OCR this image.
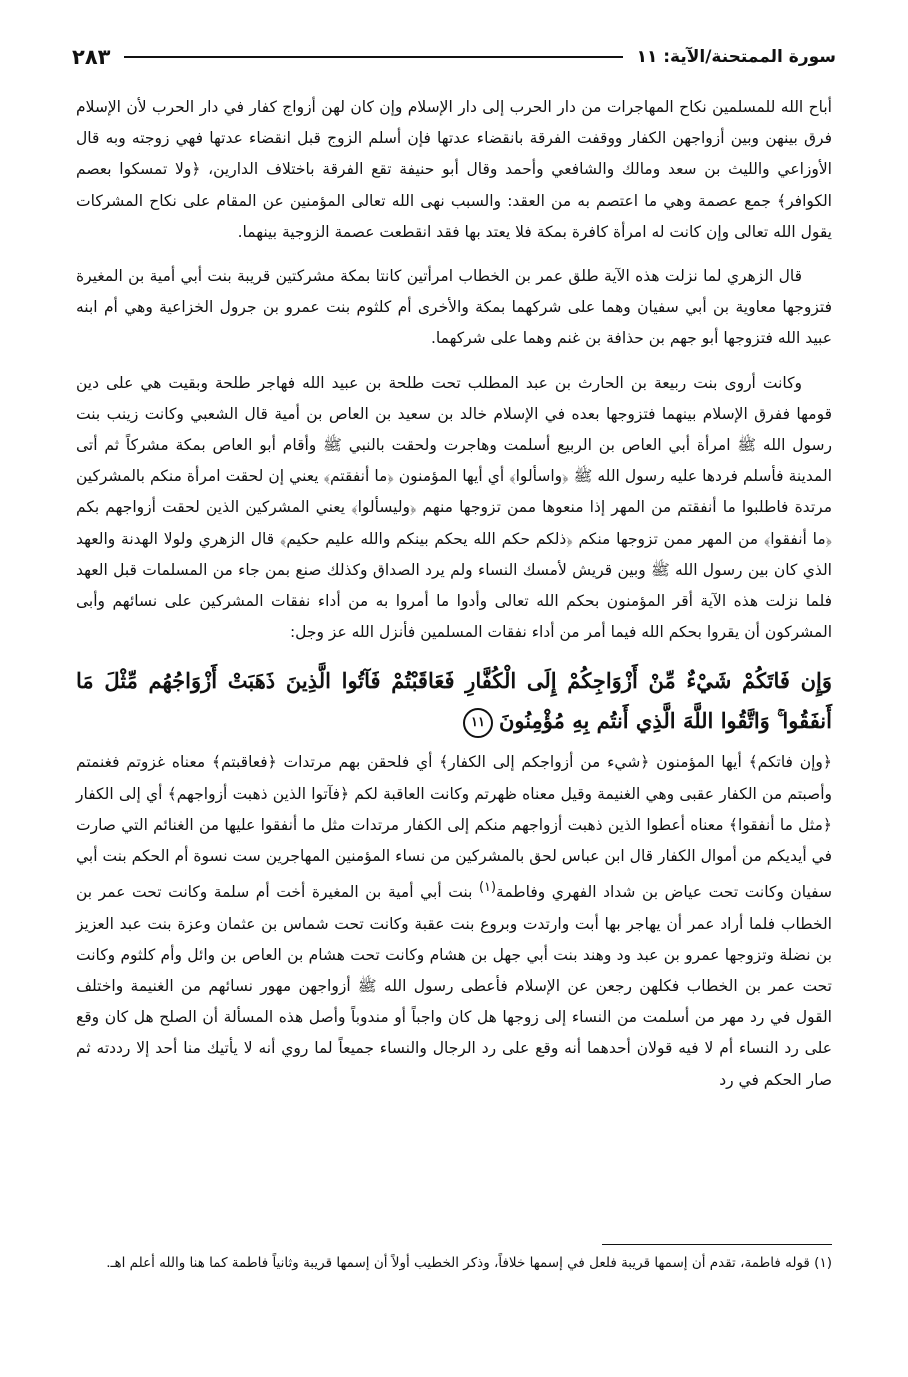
سورة الممتحنة/الآية: ١١
٢٨٣

أباح الله للمسلمين نكاح المهاجرات من دار الحرب إلى دار الإسلام وإن كان لهن أزواج كفار في دار الحرب لأن الإسلام فرق بينهن وبين أزواجهن الكفار ووقفت الفرقة بانقضاء عدتها فإن أسلم الزوج قبل انقضاء عدتها فهي زوجته وبه قال الأوزاعي والليث بن سعد ومالك والشافعي وأحمد وقال أبو حنيفة تقع الفرقة باختلاف الدارين، ﴿ولا تمسكوا بعصم الكوافر﴾ جمع عصمة وهي ما اعتصم به من العقد: والسبب نهى الله تعالى المؤمنين عن المقام على نكاح المشركات يقول الله تعالى وإن كانت له امرأة كافرة بمكة فلا يعتد بها فقد انقطعت عصمة الزوجية بينهما.

قال الزهري لما نزلت هذه الآية طلق عمر بن الخطاب امرأتين كانتا بمكة مشركتين قريبة بنت أبي أمية بن المغيرة فتزوجها معاوية بن أبي سفيان وهما على شركهما بمكة والأخرى أم كلثوم بنت عمرو بن جرول الخزاعية وهي أم ابنه عبيد الله فتزوجها أبو جهم بن حذافة بن غنم وهما على شركهما.

وكانت أروى بنت ربيعة بن الحارث بن عبد المطلب تحت طلحة بن عبيد الله فهاجر طلحة وبقيت هي على دين قومها ففرق الإسلام بينهما فتزوجها بعده في الإسلام خالد بن سعيد بن العاص بن أمية قال الشعبي وكانت زينب بنت رسول الله ﷺ امرأة أبي العاص بن الربيع أسلمت وهاجرت ولحقت بالنبي ﷺ وأقام أبو العاص بمكة مشركاً ثم أتى المدينة فأسلم فردها عليه رسول الله ﷺ ﴿واسألوا﴾ أي أيها المؤمنون ﴿ما أنفقتم﴾ يعني إن لحقت امرأة منكم بالمشركين مرتدة فاطلبوا ما أنفقتم من المهر إذا منعوها ممن تزوجها منهم ﴿وليسألوا﴾ يعني المشركين الذين لحقت أزواجهم بكم ﴿ما أنفقوا﴾ من المهر ممن تزوجها منكم ﴿ذلكم حكم الله يحكم بينكم والله عليم حكيم﴾ قال الزهري ولولا الهدنة والعهد الذي كان بين رسول الله ﷺ وبين قريش لأمسك النساء ولم يرد الصداق وكذلك صنع بمن جاء من المسلمات قبل العهد فلما نزلت هذه الآية أقر المؤمنون بحكم الله تعالى وأدوا ما أمروا به من أداء نفقات المشركين على نسائهم وأبى المشركون أن يقروا بحكم الله فيما أمر من أداء نفقات المسلمين فأنزل الله عز وجل:

وَإِن فَاتَكُمْ شَيْءٌ مِّنْ أَزْوَاجِكُمْ إِلَى الْكُفَّارِ فَعَاقَبْتُمْ فَآتُوا الَّذِينَ ذَهَبَتْ أَزْوَاجُهُم مِّثْلَ مَا أَنفَقُوا ۚ وَاتَّقُوا اللَّهَ الَّذِي أَنتُم بِهِ مُؤْمِنُونَ١١

﴿وإن فاتكم﴾ أيها المؤمنون ﴿شيء من أزواجكم إلى الكفار﴾ أي فلحقن بهم مرتدات ﴿فعاقبتم﴾ معناه غزوتم فغنمتم وأصبتم من الكفار عقبى وهي الغنيمة وقيل معناه ظهرتم وكانت العاقبة لكم ﴿فآتوا الذين ذهبت أزواجهم﴾ أي إلى الكفار ﴿مثل ما أنفقوا﴾ معناه أعطوا الذين ذهبت أزواجهم منكم إلى الكفار مرتدات مثل ما أنفقوا عليها من الغنائم التي صارت في أيديكم من أموال الكفار قال ابن عباس لحق بالمشركين من نساء المؤمنين المهاجرين ست نسوة أم الحكم بنت أبي سفيان وكانت تحت عياض بن شداد الفهري وفاطمة$^{(١)}$ بنت أبي أمية بن المغيرة أخت أم سلمة وكانت تحت عمر بن الخطاب فلما أراد عمر أن يهاجر بها أبت وارتدت وبروع بنت عقبة وكانت تحت شماس بن عثمان وعزة بنت عبد العزيز بن نضلة وتزوجها عمرو بن عبد ود وهند بنت أبي جهل بن هشام وكانت تحت هشام بن العاص بن وائل وأم كلثوم وكانت تحت عمر بن الخطاب فكلهن رجعن عن الإسلام فأعطى رسول الله ﷺ أزواجهن مهور نسائهم من الغنيمة واختلف القول في رد مهر من أسلمت من النساء إلى زوجها هل كان واجباً أو مندوباً وأصل هذه المسألة أن الصلح هل كان وقع على رد النساء أم لا فيه قولان أحدهما أنه وقع على رد الرجال والنساء جميعاً لما روي أنه لا يأتيك منا أحد إلا رددته ثم صار الحكم في رد

(١) قوله فاطمة، تقدم أن إسمها قريبة فلعل في إسمها خلافاً، وذكر الخطيب أولاً أن إسمها قريبة وثانياً فاطمة كما هنا والله أعلم اهـ.
